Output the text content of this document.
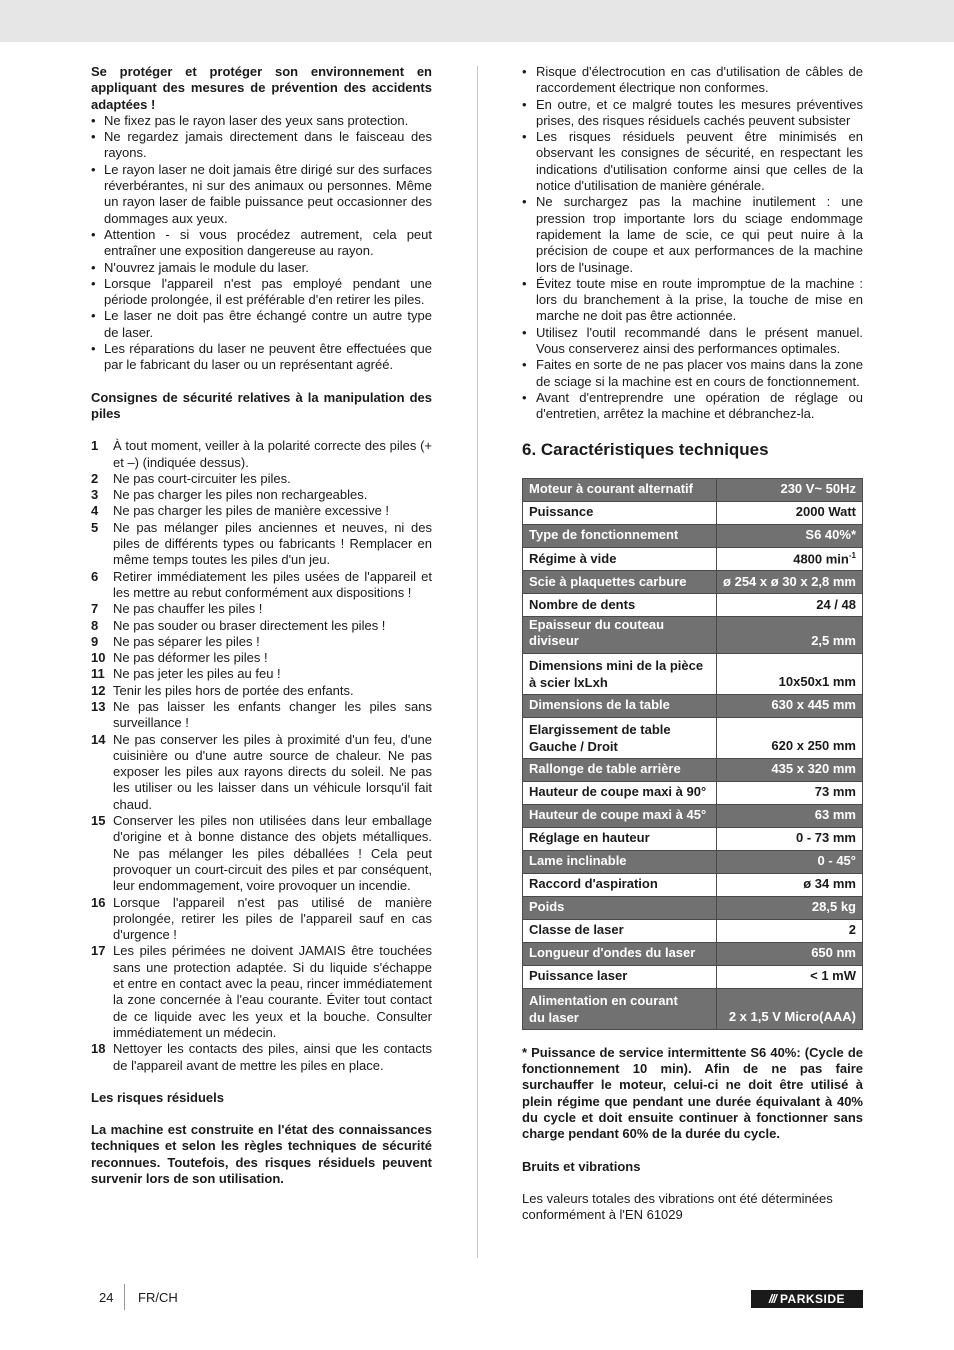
Se protéger et protéger son environnement en appliquant des mesures de prévention des accidents adaptées !

• Ne fixez pas le rayon laser des yeux sans protection.
• Ne regardez jamais directement dans le faisceau des rayons.
• Le rayon laser ne doit jamais être dirigé sur des surfaces réverbérantes, ni sur des animaux ou personnes. Même un rayon laser de faible puissance peut occasionner des dommages aux yeux.
• Attention - si vous procédez autrement, cela peut entraîner une exposition dangereuse au rayon.
• N'ouvrez jamais le module du laser.
• Lorsque l'appareil n'est pas employé pendant une période prolongée, il est préférable d'en retirer les piles.
• Le laser ne doit pas être échangé contre un autre type de laser.
• Les réparations du laser ne peuvent être effectuées que par le fabricant du laser ou un représentant agréé.

Consignes de sécurité relatives à la manipulation des piles

1 À tout moment, veiller à la polarité correcte des piles (+ et –) (indiquée dessus).
2 Ne pas court-circuiter les piles.
3 Ne pas charger les piles non rechargeables.
4 Ne pas charger les piles de manière excessive !
5 Ne pas mélanger piles anciennes et neuves, ni des piles de différents types ou fabricants ! Remplacer en même temps toutes les piles d'un jeu.
6 Retirer immédiatement les piles usées de l'appareil et les mettre au rebut conformément aux dispositions !
7 Ne pas chauffer les piles !
8 Ne pas souder ou braser directement les piles !
9 Ne pas séparer les piles !
10 Ne pas déformer les piles !
11 Ne pas jeter les piles au feu !
12 Tenir les piles hors de portée des enfants.
13 Ne pas laisser les enfants changer les piles sans surveillance !
14 Ne pas conserver les piles à proximité d'un feu, d'une cuisinière ou d'une autre source de chaleur. Ne pas exposer les piles aux rayons directs du soleil. Ne pas les utiliser ou les laisser dans un véhicule lorsqu'il fait chaud.
15 Conserver les piles non utilisées dans leur emballage d'origine et à bonne distance des objets métalliques. Ne pas mélanger les piles déballées ! Cela peut provoquer un court-circuit des piles et par conséquent, leur endommagement, voire provoquer un incendie.
16 Lorsque l'appareil n'est pas utilisé de manière prolongée, retirer les piles de l'appareil sauf en cas d'urgence !
17 Les piles périmées ne doivent JAMAIS être touchées sans une protection adaptée. Si du liquide s'échappe et entre en contact avec la peau, rincer immédiatement la zone concernée à l'eau courante. Éviter tout contact de ce liquide avec les yeux et la bouche. Consulter immédiatement un médecin.
18 Nettoyer les contacts des piles, ainsi que les contacts de l'appareil avant de mettre les piles en place.

Les risques résiduels

La machine est construite en l'état des connaissances techniques et selon les règles techniques de sécurité reconnues. Toutefois, des risques résiduels peuvent survenir lors de son utilisation.

• Risque d'électrocution en cas d'utilisation de câbles de raccordement électrique non conformes.
• En outre, et ce malgré toutes les mesures préventives prises, des risques résiduels cachés peuvent subsister
• Les risques résiduels peuvent être minimisés en observant les consignes de sécurité, en respectant les indications d'utilisation conforme ainsi que celles de la notice d'utilisation de manière générale.
• Ne surchargez pas la machine inutilement : une pression trop importante lors du sciage endommage rapidement la lame de scie, ce qui peut nuire à la précision de coupe et aux performances de la machine lors de l'usinage.
• Évitez toute mise en route impromptue de la machine : lors du branchement à la prise, la touche de mise en marche ne doit pas être actionnée.
• Utilisez l'outil recommandé dans le présent manuel. Vous conserverez ainsi des performances optimales.
• Faites en sorte de ne pas placer vos mains dans la zone de sciage si la machine est en cours de fonctionnement.
• Avant d'entreprendre une opération de réglage ou d'entretien, arrêtez la machine et débranchez-la.
6. Caractéristiques techniques
Moteur à courant alternatif	230 V~ 50Hz
Puissance	2000 Watt
Type de fonctionnement	S6 40%*
Régime à vide	4800 $\min^{-1}$
Scie à plaquettes carbure	ø 254 x ø 30 x 2,8 mm
Nombre de dents	24 / 48
Epaisseur du couteau diviseur	2,5 mm
Dimensions mini de la pièce
à scier lxLxh	10x50x1 mm
Dimensions de la table	630 x 445 mm
Elargissement de table
Gauche / Droit	620 x 250 mm
Rallonge de table arrière	435 x 320 mm
Hauteur de coupe maxi à 90°	73 mm
Hauteur de coupe maxi à 45°	63 mm
Réglage en hauteur	0 - 73 mm
Lame inclinable	0 - 45°
Raccord d'aspiration	ø 34 mm
Poids	28,5 kg
Classe de laser	2
Longueur d'ondes du laser	650 nm
Puissance laser	< 1 mW
Alimentation en courant
du laser	2 x 1,5 V Micro(AAA)

* Puissance de service intermittente S6 40%: (Cycle de fonctionnement 10 min). Afin de ne pas faire surchauffer le moteur, celui-ci ne doit être utilisé à plein régime que pendant une durée équivalant à 40% du cycle et doit ensuite continuer à fonctionner sans charge pendant 60% de la durée du cycle.

Bruits et vibrations

Les valeurs totales des vibrations ont été déterminées conformément à l'EN 61029

24 FR/CH	/// PARKSIDE
